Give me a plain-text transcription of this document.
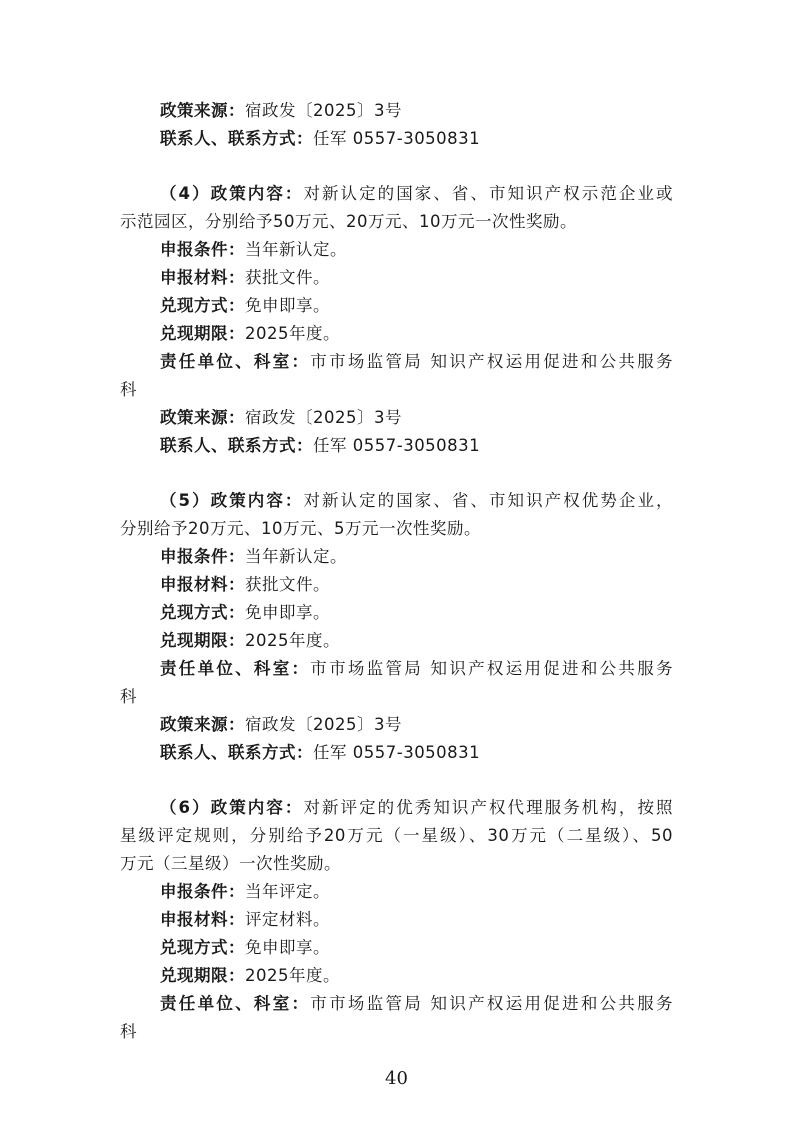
政策来源：宿政发〔2025〕3号
联系人、联系方式：任军 0557-3050831
（4）政策内容：对新认定的国家、省、市知识产权示范企业或
示范园区，分别给予50万元、20万元、10万元一次性奖励。
申报条件：当年新认定。
申报材料：获批文件。
兑现方式：免申即享。
兑现期限：2025年度。
责任单位、科室：市市场监管局 知识产权运用促进和公共服务
科
政策来源：宿政发〔2025〕3号
联系人、联系方式：任军 0557-3050831
（5）政策内容：对新认定的国家、省、市知识产权优势企业，
分别给予20万元、10万元、5万元一次性奖励。
申报条件：当年新认定。
申报材料：获批文件。
兑现方式：免申即享。
兑现期限：2025年度。
责任单位、科室：市市场监管局 知识产权运用促进和公共服务
科
政策来源：宿政发〔2025〕3号
联系人、联系方式：任军 0557-3050831
（6）政策内容：对新评定的优秀知识产权代理服务机构，按照
星级评定规则，分别给予20万元（一星级）、30万元（二星级）、50
万元（三星级）一次性奖励。
申报条件：当年评定。
申报材料：评定材料。
兑现方式：免申即享。
兑现期限：2025年度。
责任单位、科室：市市场监管局 知识产权运用促进和公共服务
科
40
